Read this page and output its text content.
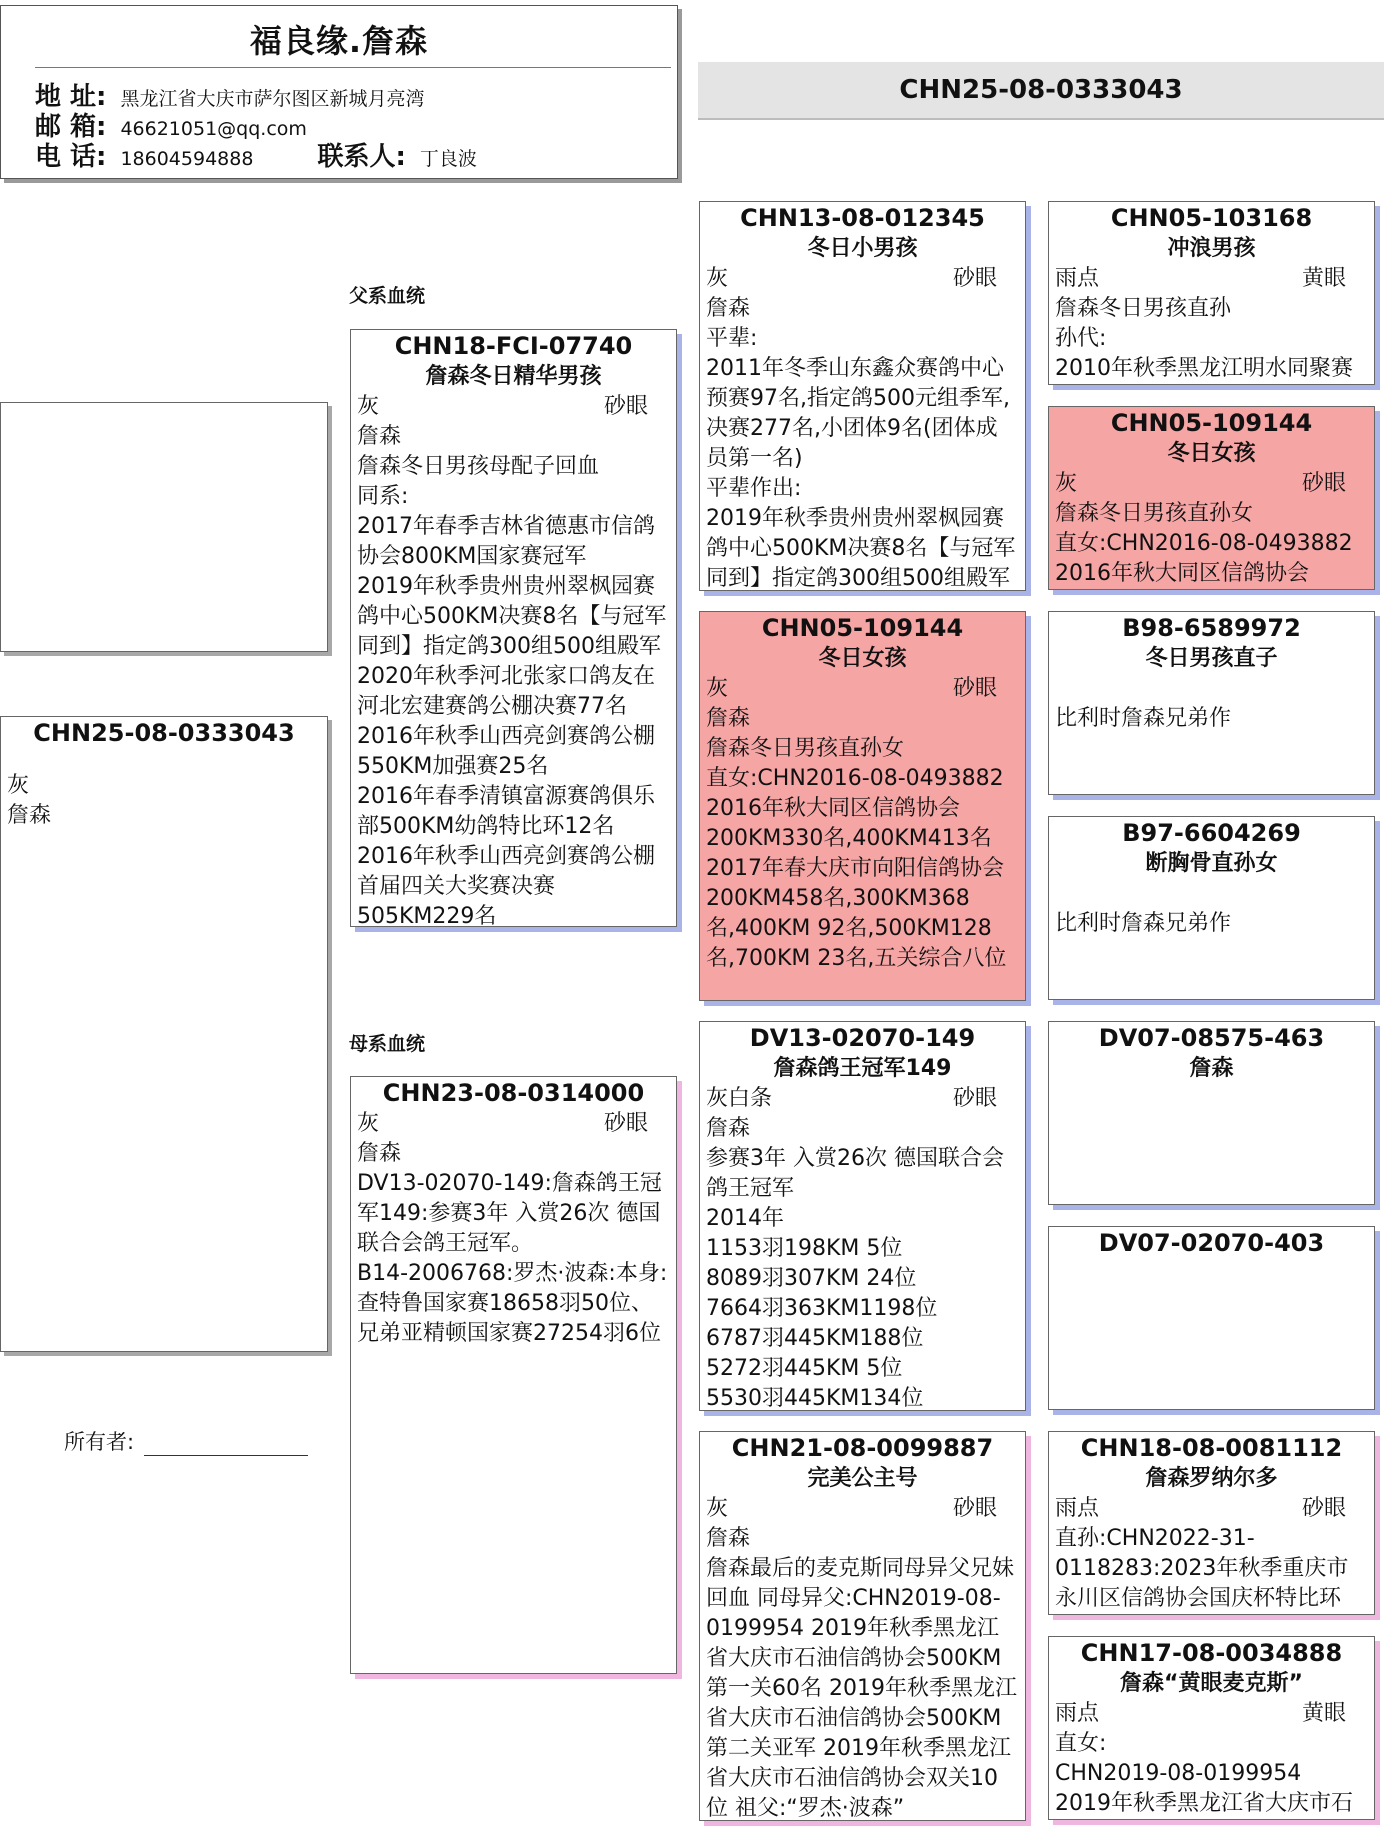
福良缘.詹森
地 址: 黑龙江省大庆市萨尔图区新城月亮湾
邮 箱: 46621051@qq.com
电 话: 18604594888 联系人: 丁良波
CHN25-08-0333043
父系血统
母系血统
CHN25-08-0333043
灰
詹森
所有者:
CHN18-FCI-07740
詹森冬日精华男孩
灰	砂眼
詹森
詹森冬日男孩母配子回血
同系:
2017年春季吉林省德惠市信鸽协会800KM国家赛冠军
2019年秋季贵州贵州翠枫园赛鸽中心500KM决赛8名【与冠军同到】指定鸽300组500组殿军
2020年秋季河北张家口鸽友在河北宏建赛鸽公棚决赛77名
2016年秋季山西亮剑赛鸽公棚550KM加强赛25名
2016年春季清镇富源赛鸽俱乐部500KM幼鸽特比环12名
2016年秋季山西亮剑赛鸽公棚首届四关大奖赛决赛505KM229名
CHN23-08-0314000
灰	砂眼
詹森
DV13-02070-149:詹森鸽王冠军149:参赛3年 入赏26次 德国联合会鸽王冠军。
B14-2006768:罗杰·波森:本身:查特鲁国家赛18658羽50位、兄弟亚精顿国家赛27254羽6位
CHN13-08-012345
冬日小男孩
灰	砂眼
詹森
平辈:
2011年冬季山东鑫众赛鸽中心预赛97名,指定鸽500元组季军,决赛277名,小团体9名(团体成员第一名)
平辈作出:
2019年秋季贵州贵州翠枫园赛鸽中心500KM决赛8名【与冠军同到】指定鸽300组500组殿军
CHN05-109144
冬日女孩
灰	砂眼
詹森
詹森冬日男孩直孙女
直女:CHN2016-08-0493882
2016年秋大同区信鸽协会200KM330名,400KM413名
2017年春大庆市向阳信鸽协会200KM458名,300KM368名,400KM 92名,500KM128名,700KM 23名,五关综合八位
DV13-02070-149
詹森鸽王冠军149
灰白条	砂眼
詹森
参赛3年 入赏26次 德国联合会鸽王冠军
2014年
1153羽198KM 5位
8089羽307KM 24位
7664羽363KM1198位
6787羽445KM188位
5272羽445KM 5位
5530羽445KM134位
CHN21-08-0099887
完美公主号
灰	砂眼
詹森
詹森最后的麦克斯同母异父兄妹回血 同母异父:CHN2019-08-0199954 2019年秋季黑龙江省大庆市石油信鸽协会500KM第一关60名 2019年秋季黑龙江省大庆市石油信鸽协会500KM第二关亚军 2019年秋季黑龙江省大庆市石油信鸽协会双关10位 祖父:“罗杰·波森”
CHN05-103168
冲浪男孩
雨点	黄眼
詹森冬日男孩直孙
孙代:
2010年秋季黑龙江明水同聚赛
CHN05-109144
冬日女孩
灰	砂眼
詹森冬日男孩直孙女
直女:CHN2016-08-0493882
2016年秋大同区信鸽协会
B98-6589972
冬日男孩直子
比利时詹森兄弟作
B97-6604269
断胸骨直孙女
比利时詹森兄弟作
DV07-08575-463
詹森
DV07-02070-403
CHN18-08-0081112
詹森罗纳尔多
雨点	砂眼
直孙:CHN2022-31-0118283:2023年秋季重庆市永川区信鸽协会国庆杯特比环
CHN17-08-0034888
詹森“黄眼麦克斯”
雨点	黄眼
直女:
CHN2019-08-0199954
2019年秋季黑龙江省大庆市石
